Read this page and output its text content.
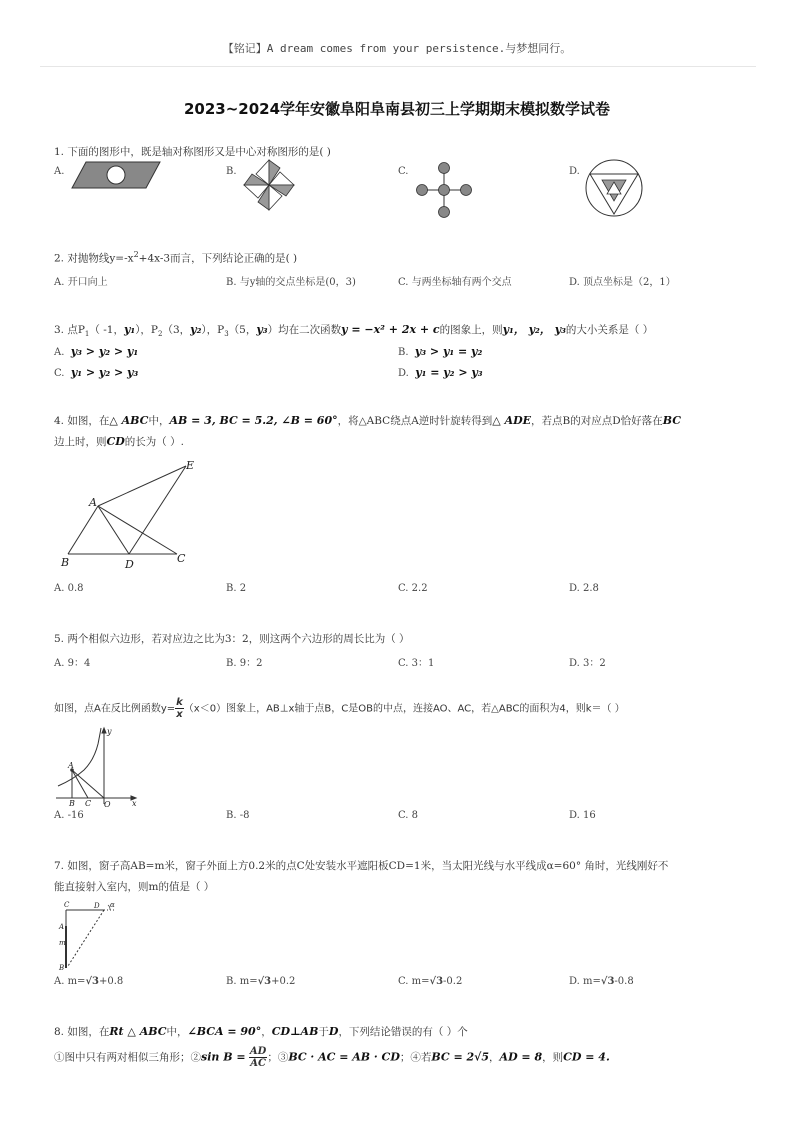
【铭记】A dream comes from your persistence.与梦想同行。
2023~2024学年安徽阜阳阜南县初三上学期期末模拟数学试卷
1. 下面的图形中，既是轴对称图形又是中心对称图形的是( )
A.	B.	C.	D.
2. 对抛物线$y=-x^2+4x-3$而言，下列结论正确的是( )
A. 开口向上	B. 与y轴的交点坐标是(0，3)	C. 与两坐标轴有两个交点	D. 顶点坐标是（2，1）
3. 点$P_1$（ -1，y₁），$P_2(3$，y₂），$P_3(5$，y₃）均在二次函数y = −x² + 2x + c的图象上，则y₁， y₂， y₃的大小关系是（ ）
A. y₃ > y₂ > y₁	B. y₃ > y₁ = y₂
C. y₁ > y₂ > y₃	D. y₁ = y₂ > y₃
4. 如图，在△ ABC中，AB = 3, BC = 5.2, ∠B = 60°，将△ABC绕点A逆时针旋转得到△ ADE，若点B的对应点D恰好落在BC
边上时，则CD的长为（ ）.
E
A
B	D	C
A. 0.8	B. 2	C. 2.2	D. 2.8
5. 两个相似六边形，若对应边之比为3：2，则这两个六边形的周长比为（ ）
A. 9：4	B. 9：2	C. 3：1	D. 3：2
如图，点A在反比例函数$y= \frac{k}{x} (x<0)$图象上，AB⊥x轴于点B，C是OB的中点，连接AO、AC，若△ABC的面积为4，则k＝（ ）
y
A
B C O	x
A. -16	B. -8	C. 8	D. 16
7. 如图，窗子高AB=m米，窗子外面上方0.2米的点C处安装水平遮阳板CD=1米，当太阳光线与水平线成α=60° 角时，光线刚好不
能直接射入室内，则m的值是（ ）
C	D
A
m
B
α
A. m=√3+0.8	B. m=√3+0.2	C. m=√3-0.2	D. m=√3-0.8
8. 如图，在Rt △ ABC中，∠BCA = 90°，CD⊥AB于D，下列结论错误的有（ ）个
①图中只有两对相似三角形；②sin $B = \frac{AD}{AC}$ ；③BC · AC = AB · CD；④若BC = 2√5，AD = 8，则CD = 4.
